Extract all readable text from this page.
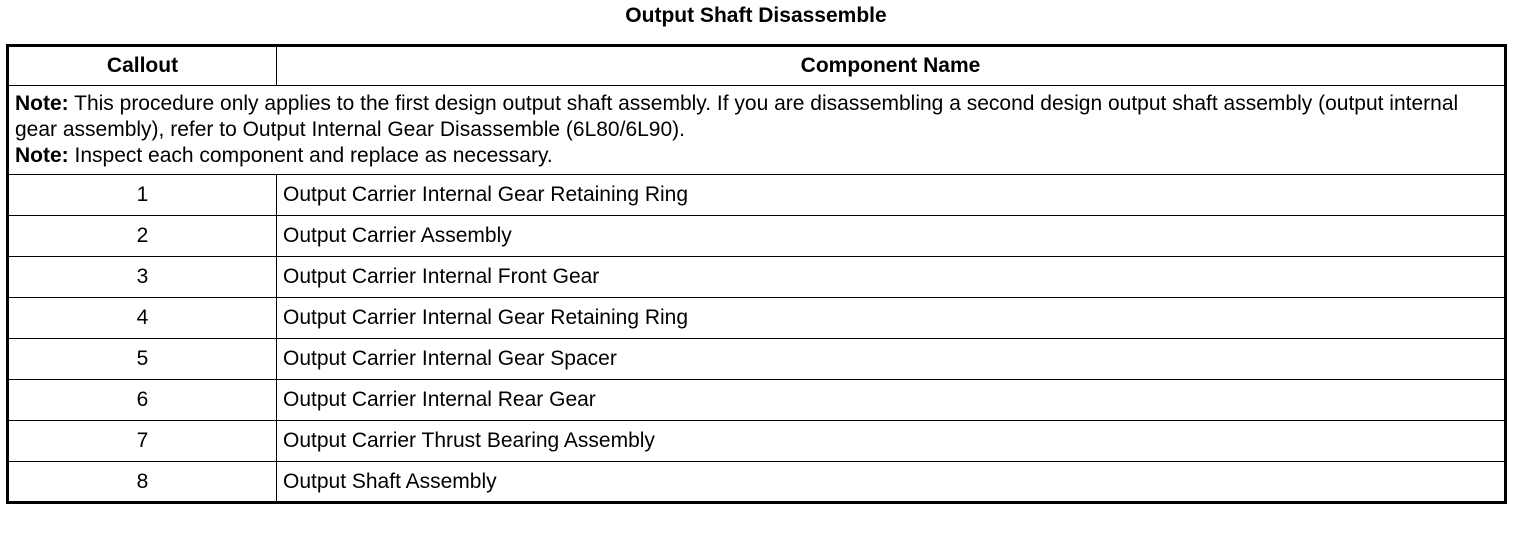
Output Shaft Disassemble
Callout	Component Name

Note: This procedure only applies to the first design output shaft assembly. If you are disassembling a second design output shaft assembly (output internal gear assembly), refer to Output Internal Gear Disassemble (6L80/6L90).
Note: Inspect each component and replace as necessary.	

1	Output Carrier Internal Gear Retaining Ring
2	Output Carrier Assembly
3	Output Carrier Internal Front Gear
4	Output Carrier Internal Gear Retaining Ring
5	Output Carrier Internal Gear Spacer
6	Output Carrier Internal Rear Gear
7	Output Carrier Thrust Bearing Assembly
8	Output Shaft Assembly
